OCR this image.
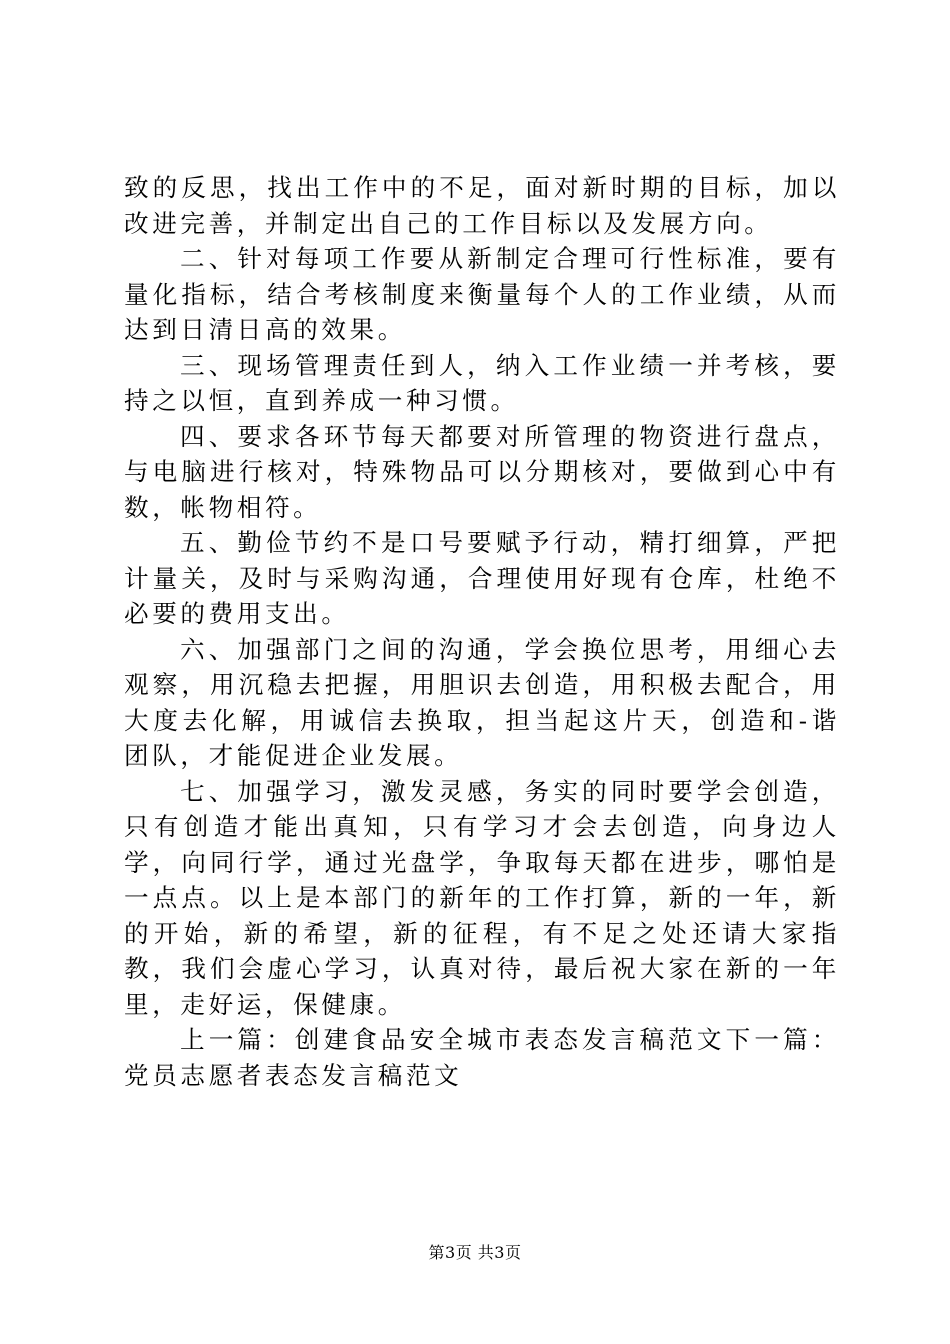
致的反思，找出工作中的不足，面对新时期的目标，加以改进完善，并制定出自己的工作目标以及发展方向。

二、针对每项工作要从新制定合理可行性标准，要有量化指标，结合考核制度来衡量每个人的工作业绩，从而达到日清日高的效果。

三、现场管理责任到人，纳入工作业绩一并考核，要持之以恒，直到养成一种习惯。

四、要求各环节每天都要对所管理的物资进行盘点，与电脑进行核对，特殊物品可以分期核对，要做到心中有数，帐物相符。

五、勤俭节约不是口号要赋予行动，精打细算，严把计量关，及时与采购沟通，合理使用好现有仓库，杜绝不必要的费用支出。

六、加强部门之间的沟通，学会换位思考，用细心去观察，用沉稳去把握，用胆识去创造，用积极去配合，用大度去化解，用诚信去换取，担当起这片天，创造和-谐团队，才能促进企业发展。

七、加强学习，激发灵感，务实的同时要学会创造，只有创造才能出真知，只有学习才会去创造，向身边人学，向同行学，通过光盘学，争取每天都在进步，哪怕是一点点。以上是本部门的新年的工作打算，新的一年，新的开始，新的希望，新的征程，有不足之处还请大家指教，我们会虚心学习，认真对待，最后祝大家在新的一年里，走好运，保健康。

上一篇：创建食品安全城市表态发言稿范文下一篇：党员志愿者表态发言稿范文

第3页 共3页
